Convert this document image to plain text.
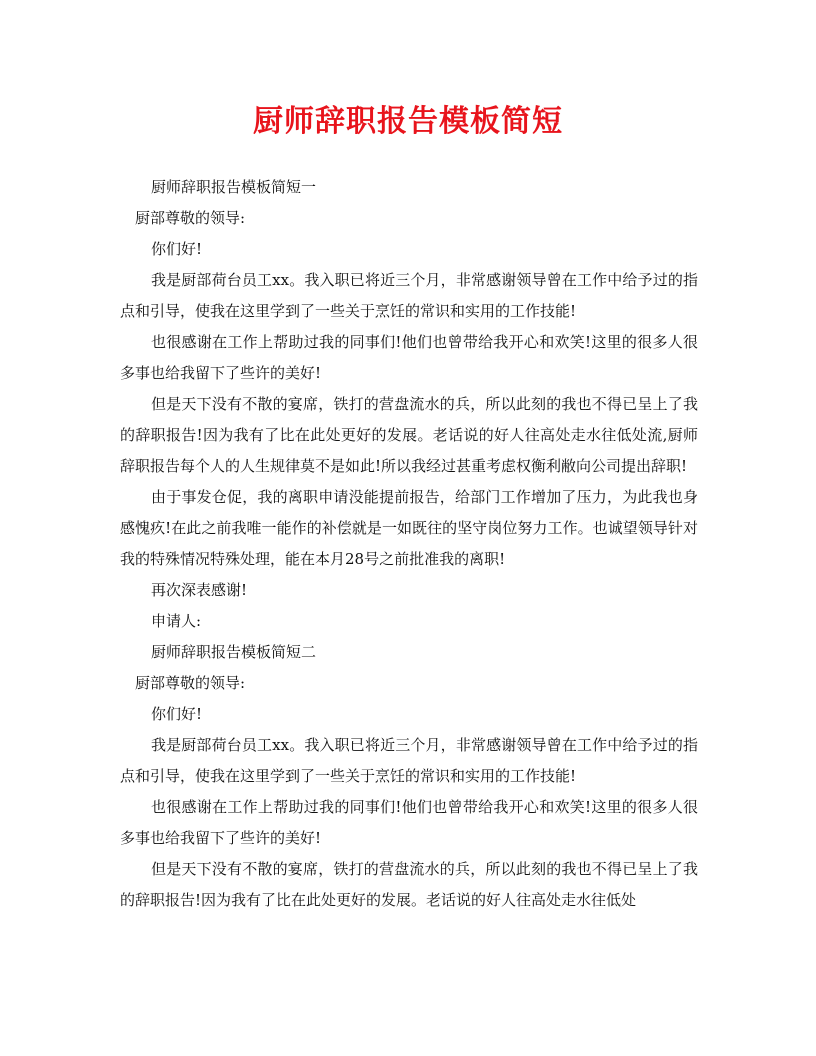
厨师辞职报告模板简短

厨师辞职报告模板简短一

厨部尊敬的领导:

你们好!

我是厨部荷台员工xx。我入职已将近三个月，非常感谢领导曾在工作中给予过的指点和引导，使我在这里学到了一些关于烹饪的常识和实用的工作技能!

也很感谢在工作上帮助过我的同事们!他们也曾带给我开心和欢笑!这里的很多人很多事也给我留下了些许的美好!

但是天下没有不散的宴席，铁打的营盘流水的兵，所以此刻的我也不得已呈上了我的辞职报告!因为我有了比在此处更好的发展。老话说的好人往高处走水往低处流,厨师辞职报告每个人的人生规律莫不是如此!所以我经过甚重考虑权衡利敝向公司提出辞职!

由于事发仓促，我的离职申请没能提前报告，给部门工作增加了压力，为此我也身感愧疚!在此之前我唯一能作的补偿就是一如既往的坚守岗位努力工作。也诚望领导针对我的特殊情况特殊处理，能在本月28号之前批准我的离职!

再次深表感谢!

申请人:

厨师辞职报告模板简短二

厨部尊敬的领导:

你们好!

我是厨部荷台员工xx。我入职已将近三个月，非常感谢领导曾在工作中给予过的指点和引导，使我在这里学到了一些关于烹饪的常识和实用的工作技能!

也很感谢在工作上帮助过我的同事们!他们也曾带给我开心和欢笑!这里的很多人很多事也给我留下了些许的美好!

但是天下没有不散的宴席，铁打的营盘流水的兵，所以此刻的我也不得已呈上了我的辞职报告!因为我有了比在此处更好的发展。老话说的好人往高处走水往低处
